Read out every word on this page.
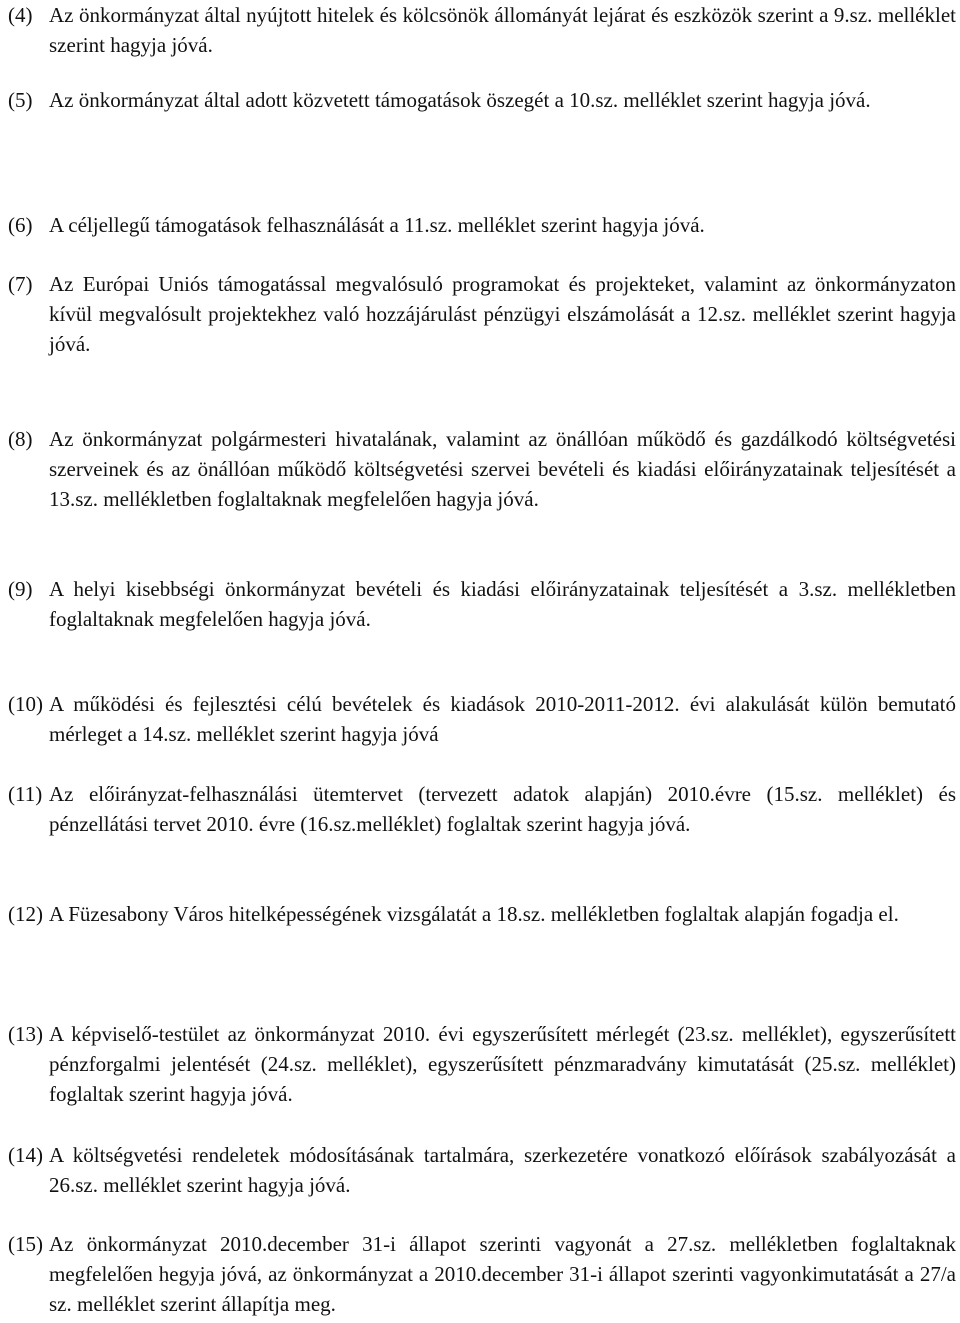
(4) Az önkormányzat által nyújtott hitelek és kölcsönök állományát lejárat és eszközök szerint a 9.sz. melléklet szerint hagyja jóvá.
(5) Az önkormányzat által adott közvetett támogatások öszegét a 10.sz. melléklet szerint hagyja jóvá.
(6) A céljellegű támogatások felhasználását a 11.sz. melléklet szerint hagyja jóvá.
(7) Az Európai Uniós támogatással megvalósuló programokat és projekteket, valamint az önkormányzaton kívül megvalósult projektekhez való hozzájárulást pénzügyi elszámolását a 12.sz. melléklet szerint hagyja jóvá.
(8) Az önkormányzat polgármesteri hivatalának, valamint az önállóan működő és gazdálkodó költségvetési szerveinek és az önállóan működő költségvetési szervei bevételi és kiadási előirányzatainak teljesítését a 13.sz. mellékletben foglaltaknak megfelelően hagyja jóvá.
(9) A helyi kisebbségi önkormányzat bevételi és kiadási előirányzatainak teljesítését a 3.sz. mellékletben foglaltaknak megfelelően hagyja jóvá.
(10) A működési és fejlesztési célú bevételek és kiadások 2010-2011-2012. évi alakulását külön bemutató mérleget a 14.sz. melléklet szerint hagyja jóvá
(11) Az előirányzat-felhasználási ütemtervet (tervezett adatok alapján) 2010.évre (15.sz. melléklet) és pénzellátási tervet 2010. évre (16.sz.melléklet) foglaltak szerint hagyja jóvá.
(12) A Füzesabony Város hitelképességének vizsgálatát a 18.sz. mellékletben foglaltak alapján fogadja el.
(13) A képviselő-testület az önkormányzat 2010. évi egyszerűsített mérlegét (23.sz. melléklet), egyszerűsített pénzforgalmi jelentését (24.sz. melléklet), egyszerűsített pénzmaradvány kimutatását (25.sz. melléklet) foglaltak szerint hagyja jóvá.
(14) A költségvetési rendeletek módosításának tartalmára, szerkezetére vonatkozó előírások szabályozását a 26.sz. melléklet szerint hagyja jóvá.
(15) Az önkormányzat 2010.december 31-i állapot szerinti vagyonát a 27.sz. mellékletben foglaltaknak megfelelően hegyja jóvá, az önkormányzat a 2010.december 31-i állapot szerinti vagyonkimutatását a 27/a sz. melléklet szerint állapítja meg.
